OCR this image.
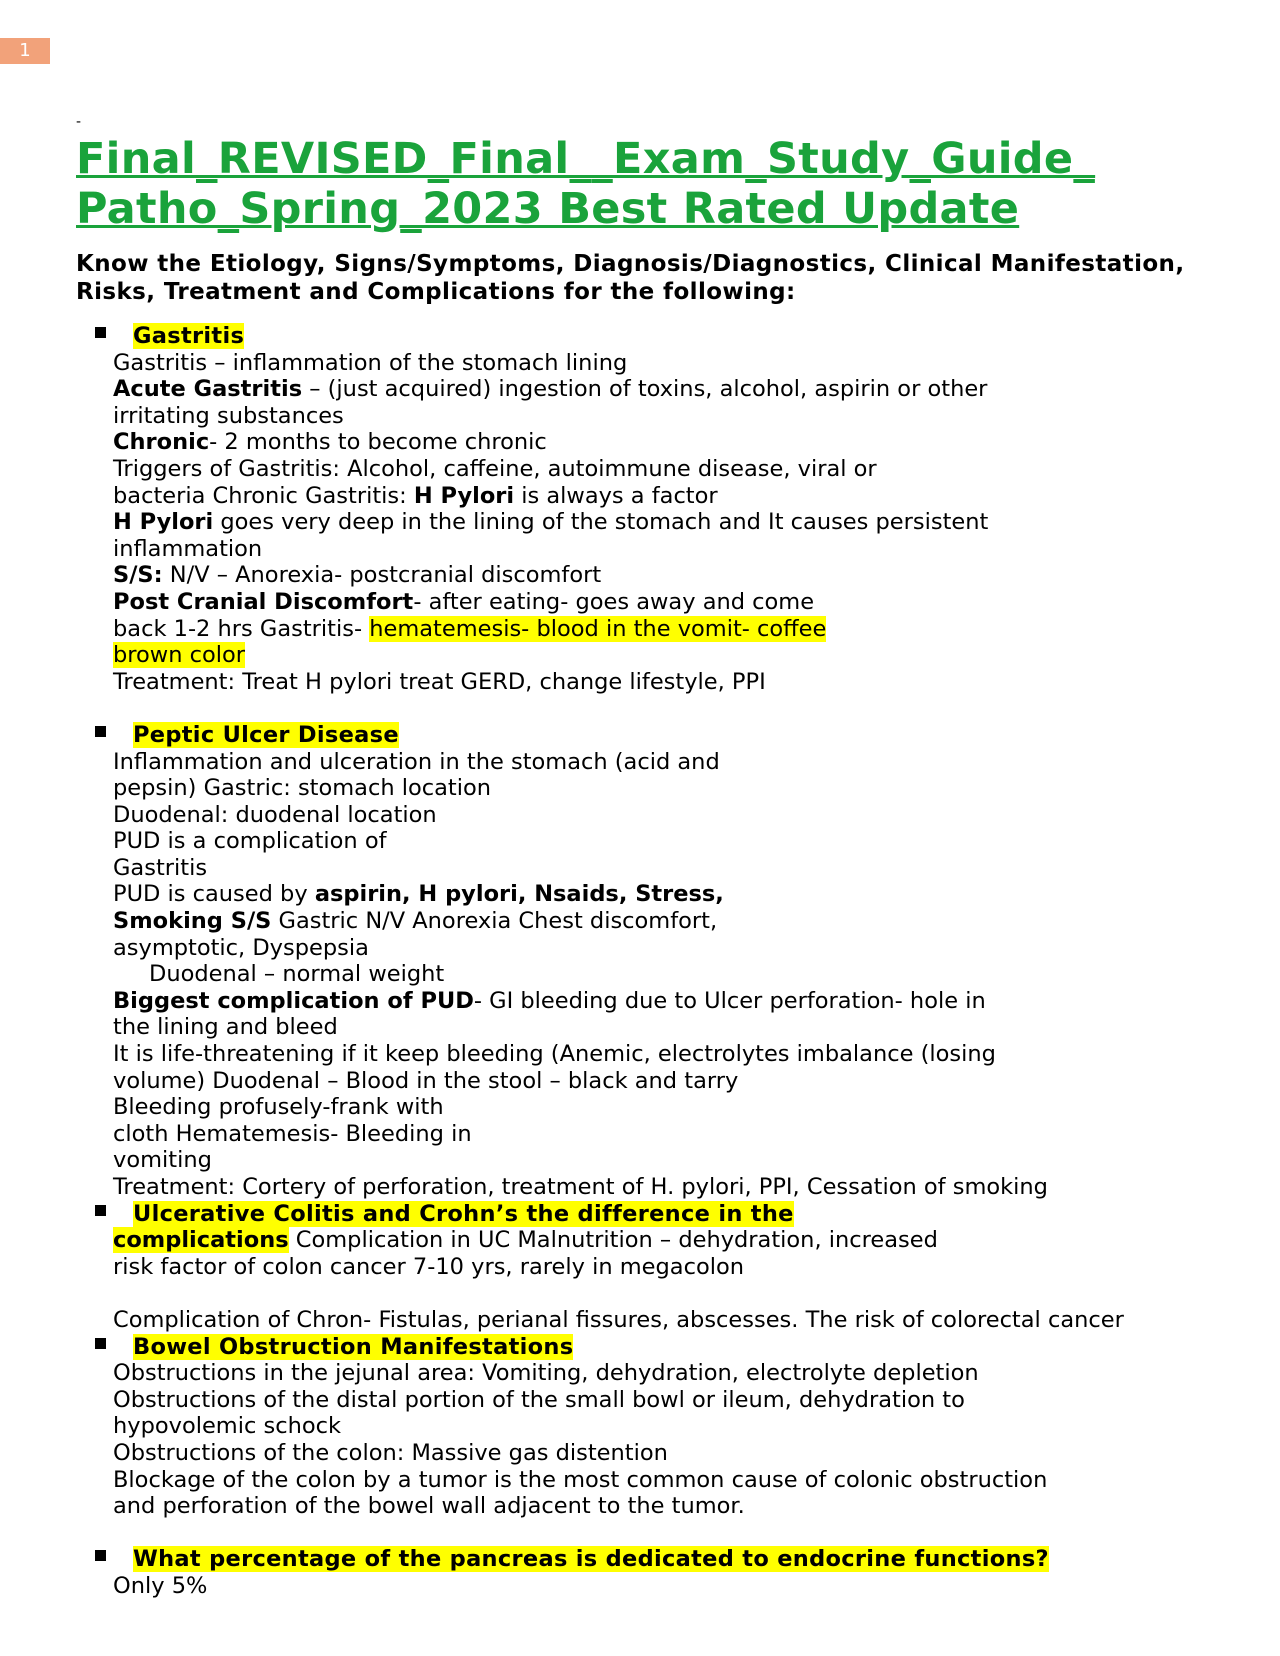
1
-
Final_REVISED_Final__Exam_Study_Guide_ Patho_Spring_2023 Best Rated Update
Know the Etiology, Signs/Symptoms, Diagnosis/Diagnostics, Clinical Manifestation, Risks, Treatment and Complications for the following:
Gastritis
Gastritis – inflammation of the stomach lining
Acute Gastritis – (just acquired) ingestion of toxins, alcohol, aspirin or other
irritating substances
Chronic- 2 months to become chronic
Triggers of Gastritis: Alcohol, caffeine, autoimmune disease, viral or
bacteria Chronic Gastritis: H Pylori is always a factor
H Pylori goes very deep in the lining of the stomach and It causes persistent
inflammation
S/S: N/V – Anorexia- postcranial discomfort
Post Cranial Discomfort- after eating- goes away and come
back 1-2 hrs Gastritis- hematemesis- blood in the vomit- coffee
brown color
Treatment: Treat H pylori treat GERD, change lifestyle, PPI
Peptic Ulcer Disease
Inflammation and ulceration in the stomach (acid and
pepsin) Gastric: stomach location
Duodenal: duodenal location
PUD is a complication of
Gastritis
PUD is caused by aspirin, H pylori, Nsaids, Stress,
Smoking S/S Gastric N/V Anorexia Chest discomfort,
asymptotic, Dyspepsia
Duodenal – normal weight
Biggest complication of PUD- GI bleeding due to Ulcer perforation- hole in
the lining and bleed
It is life-threatening if it keep bleeding (Anemic, electrolytes imbalance (losing
volume) Duodenal – Blood in the stool – black and tarry
Bleeding profusely-frank with
cloth Hematemesis- Bleeding in
vomiting
Treatment: Cortery of perforation, treatment of H. pylori, PPI, Cessation of smoking
Ulcerative Colitis and Crohn’s the difference in the
complications Complication in UC Malnutrition – dehydration, increased
risk factor of colon cancer 7-10 yrs, rarely in megacolon
Complication of Chron- Fistulas, perianal fissures, abscesses. The risk of colorectal cancer
Bowel Obstruction Manifestations
Obstructions in the jejunal area: Vomiting, dehydration, electrolyte depletion
Obstructions of the distal portion of the small bowl or ileum, dehydration to
hypovolemic schock
Obstructions of the colon: Massive gas distention
Blockage of the colon by a tumor is the most common cause of colonic obstruction
and perforation of the bowel wall adjacent to the tumor.
What percentage of the pancreas is dedicated to endocrine functions?
Only 5%
